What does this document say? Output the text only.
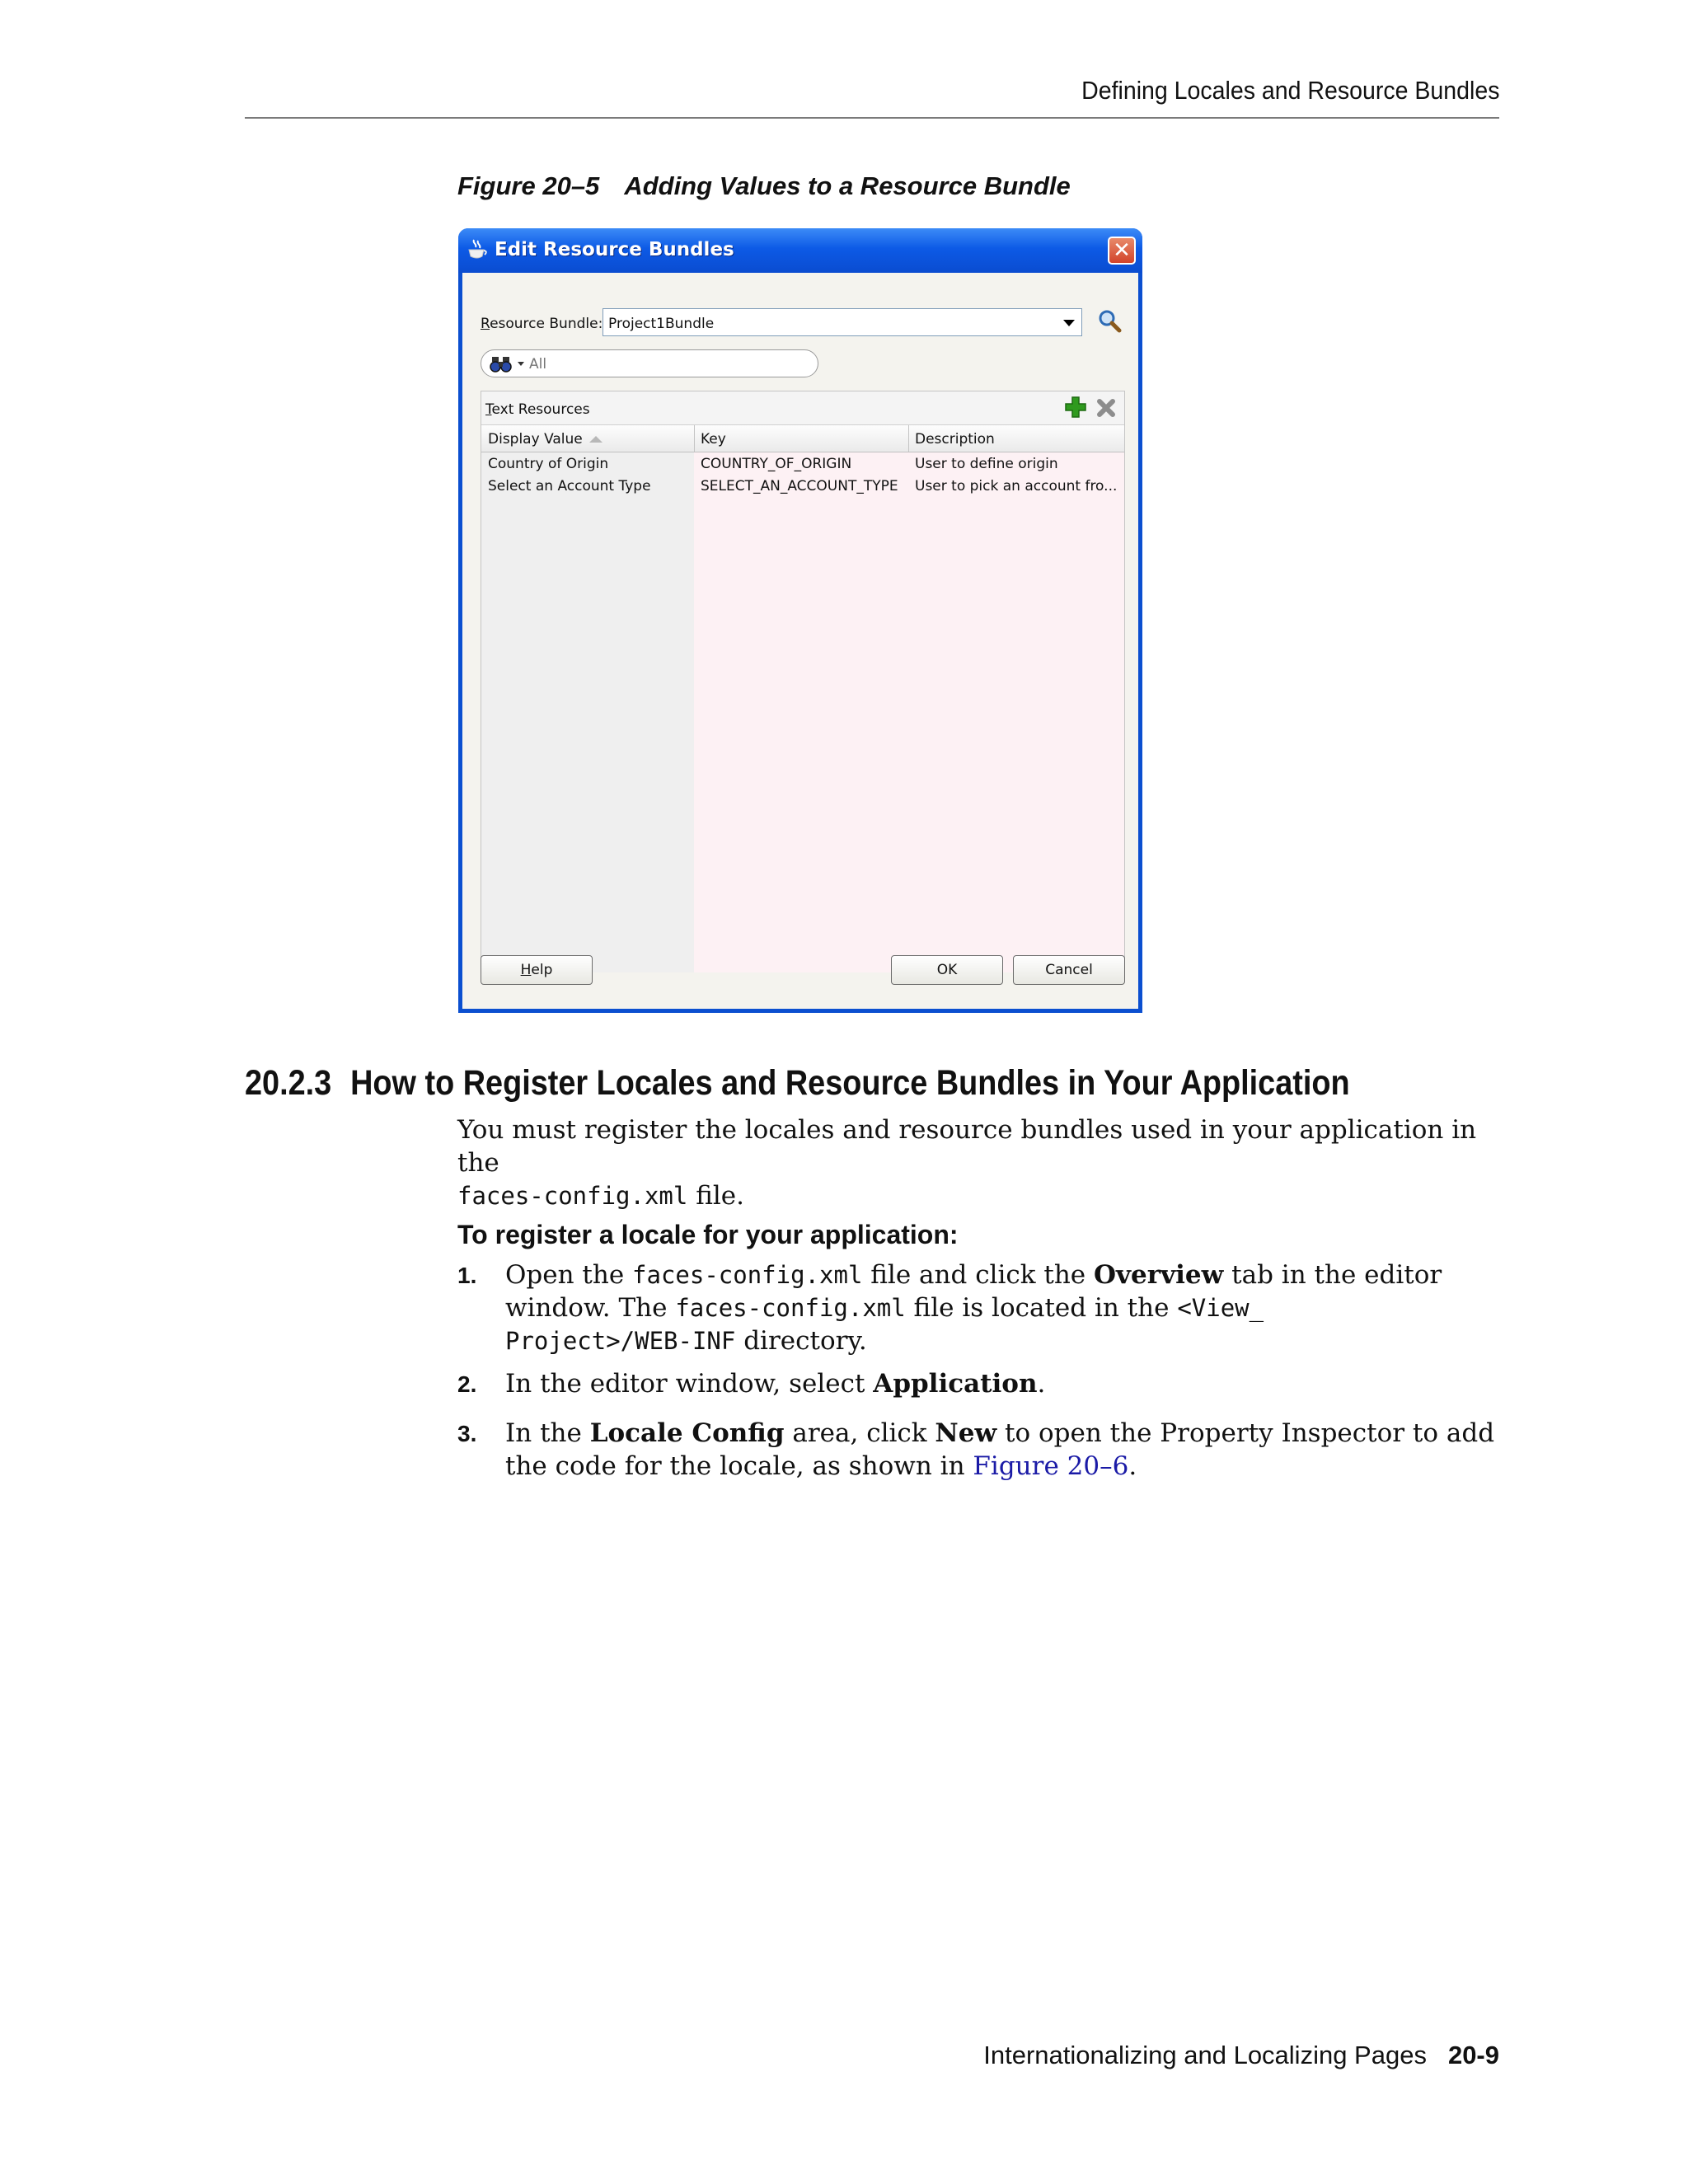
Defining Locales and Resource Bundles
Figure 20–5 Adding Values to a Resource Bundle
Edit Resource Bundles	✕
Resource Bundle: Project1Bundle
All
Text Resources
Display Value	Key	Description
Country of Origin	COUNTRY_OF_ORIGIN	User to define origin
Select an Account Type	SELECT_AN_ACCOUNT_TYPE	User to pick an account fro...
Help	OK	Cancel
20.2.3 How to Register Locales and Resource Bundles in Your Application
You must register the locales and resource bundles used in your application in the
faces-config.xml file.
To register a locale for your application:
1. Open the faces-config.xml file and click the Overview tab in the editor window. The faces-config.xml file is located in the <View_
Project>/WEB-INF directory.
2. In the editor window, select Application.
3. In the Locale Config area, click New to open the Property Inspector to add the code for the locale, as shown in Figure 20–6.
Internationalizing and Localizing Pages 20-9
